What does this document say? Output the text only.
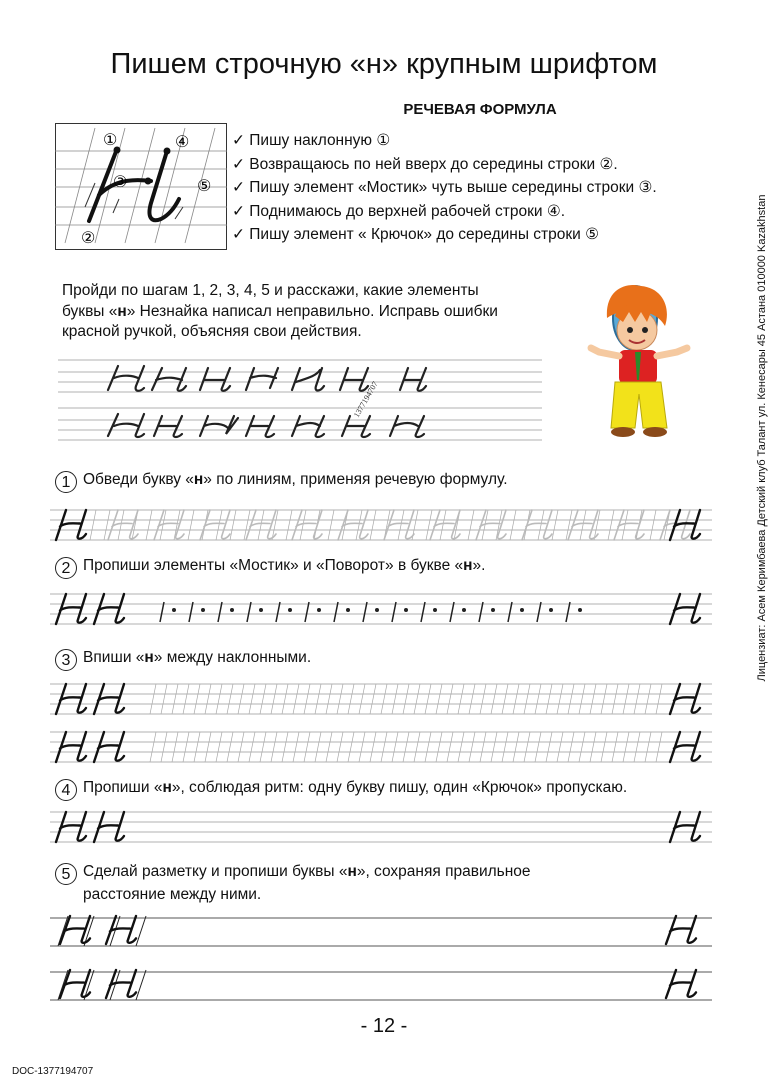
Пишем строчную «н» крупным шрифтом
РЕЧЕВАЯ ФОРМУЛА
①
②
③
④
⑤
✓ Пишу наклонную ①
✓ Возвращаюсь по ней вверх до середины строки ②.
✓ Пишу элемент «Мостик» чуть выше середины строки ③.
✓ Поднимаюсь до верхней рабочей строки ④.
✓ Пишу элемент « Крючок» до середины строки ⑤
Пройди по шагам 1, 2, 3, 4, 5 и расскажи, какие элементы
буквы «н» Незнайка написал неправильно. Исправь ошибки
красной ручкой, объясняя свои действия.
1377194707	Лицензиат: Асем Керимбаева Детский клуб Талант ул. Кенесары 45 Астана 010000 Kazakhstan
1 Обведи букву «н» по линиям, применяя речевую формулу.
2 Пропиши элементы «Мостик» и «Поворот» в букве «н».
3 Впиши «н» между наклонными.
4 Пропиши «н», соблюдая ритм: одну букву пишу, один «Крючок» пропускаю.
5 Сделай разметку и пропиши буквы «н», сохраняя правильное
расстояние между ними.
- 12 -
DOC-1377194707
